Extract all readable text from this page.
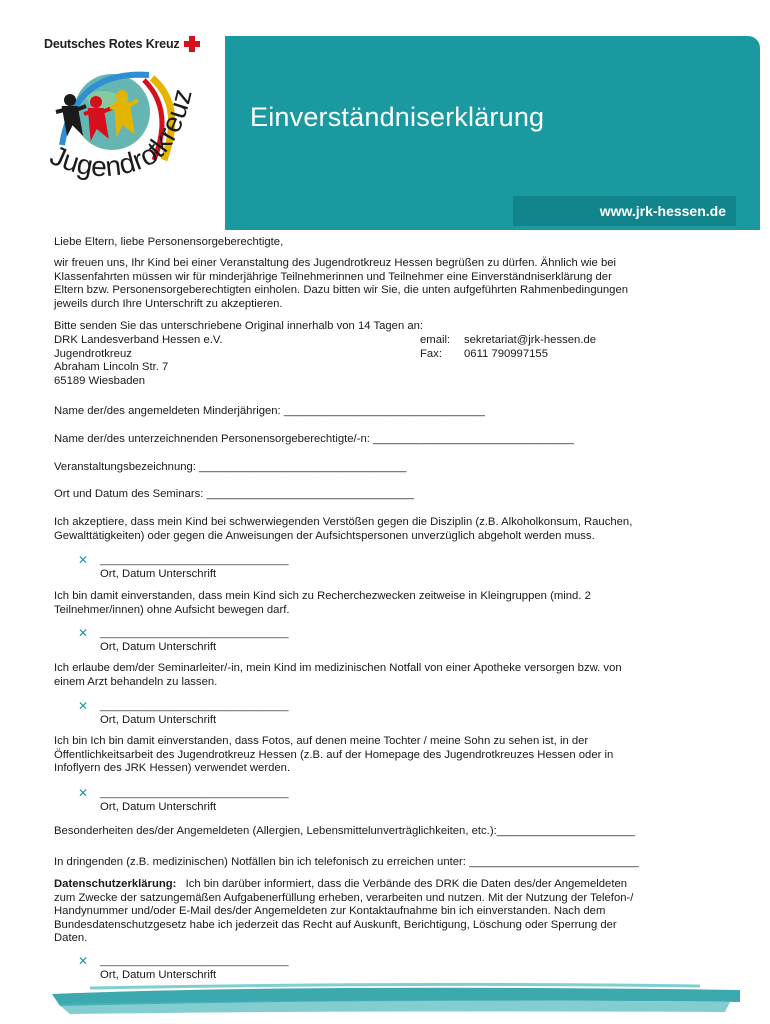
Deutsches Rotes Kreuz
Jugendrotkreuz
Einverständniserklärung
www.jrk-hessen.de
Liebe Eltern, liebe Personensorgeberechtigte,
wir freuen uns, Ihr Kind bei einer Veranstaltung des Jugendrotkreuz Hessen begrüßen zu dürfen. Ähnlich wie bei
Klassenfahrten müssen wir für minderjährige Teilnehmerinnen und Teilnehmer eine Einverständniserklärung der
Eltern bzw. Personensorgeberechtigten einholen. Dazu bitten wir Sie, die unten aufgeführten Rahmenbedingungen
jeweils durch Ihre Unterschrift zu akzeptieren.
Bitte senden Sie das unterschriebene Original innerhalb von 14 Tagen an:
DRK Landesverband Hessen e.V.	email:	sekretariat@jrk-hessen.de
Jugendrotkreuz	Fax:	0611 790997155
Abraham Lincoln Str. 7
65189 Wiesbaden
Name der/des angemeldeten Minderjährigen: ________________________________
Name der/des unterzeichnenden Personensorgeberechtigte/-n: ________________________________
Veranstaltungsbezeichnung: _________________________________
Ort und Datum des Seminars: _________________________________
Ich akzeptiere, dass mein Kind bei schwerwiegenden Verstößen gegen die Disziplin (z.B. Alkoholkonsum, Rauchen,
Gewalttätigkeiten) oder gegen die Anweisungen der Aufsichtspersonen unverzüglich abgeholt werden muss.
✕ ______________________________
Ort, Datum Unterschrift
Ich bin damit einverstanden, dass mein Kind sich zu Recherchezwecken zeitweise in Kleingruppen (mind. 2
Teilnehmer/innen) ohne Aufsicht bewegen darf.
✕ ______________________________
Ort, Datum Unterschrift
Ich erlaube dem/der Seminarleiter/-in, mein Kind im medizinischen Notfall von einer Apotheke versorgen bzw. von
einem Arzt behandeln zu lassen.
✕ ______________________________
Ort, Datum Unterschrift
Ich bin Ich bin damit einverstanden, dass Fotos, auf denen meine Tochter / meine Sohn zu sehen ist, in der
Öffentlichkeitsarbeit des Jugendrotkreuz Hessen (z.B. auf der Homepage des Jugendrotkreuzes Hessen oder in
Infoflyern des JRK Hessen) verwendet werden.
✕ ______________________________
Ort, Datum Unterschrift
Besonderheiten des/der Angemeldeten (Allergien, Lebensmittelunverträglichkeiten, etc.):______________________
In dringenden (z.B. medizinischen) Notfällen bin ich telefonisch zu erreichen unter: ___________________________
Datenschutzerklärung: Ich bin darüber informiert, dass die Verbände des DRK die Daten des/der Angemeldeten
zum Zwecke der satzungemäßen Aufgabenerfüllung erheben, verarbeiten und nutzen. Mit der Nutzung der Telefon-/
Handynummer und/oder E-Mail des/der Angemeldeten zur Kontaktaufnahme bin ich einverstanden. Nach dem
Bundesdatenschutzgesetz habe ich jederzeit das Recht auf Auskunft, Berichtigung, Löschung oder Sperrung der
Daten.
✕ ______________________________
Ort, Datum Unterschrift
